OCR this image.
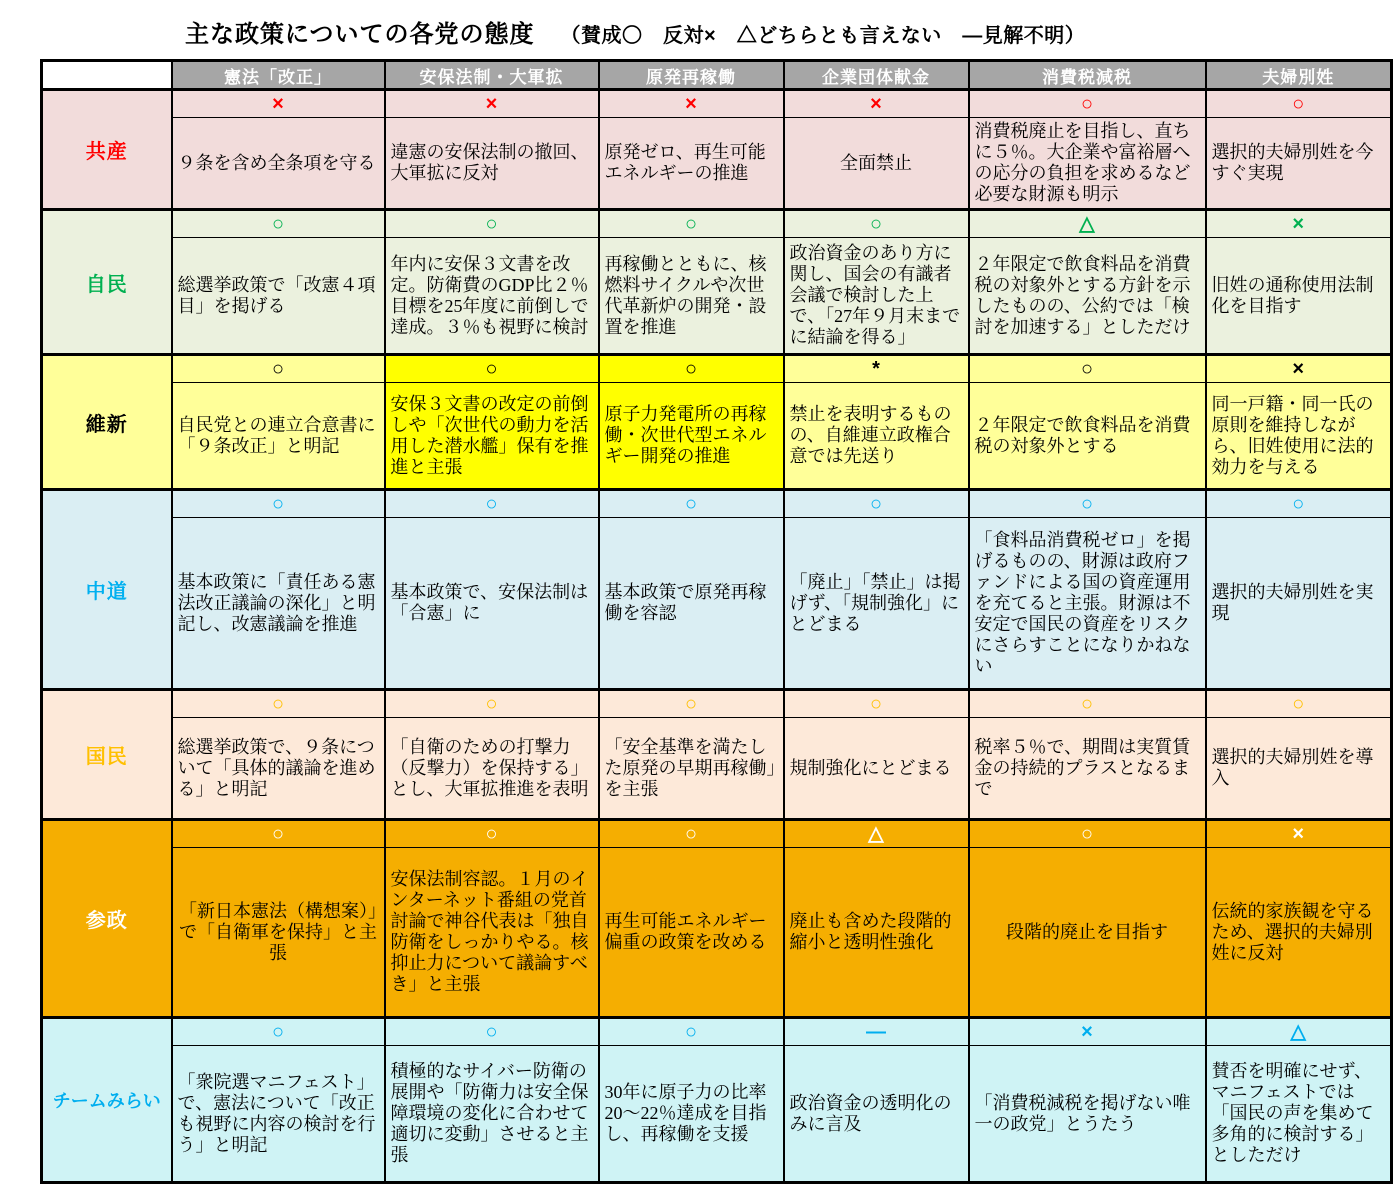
主な政策についての各党の態度 （賛成〇　反対×　△どちらとも言えない　―見解不明）
	憲法「改正」	安保法制・大軍拡	原発再稼働	企業団体献金	消費税減税	夫婦別姓
共産	×	×	×	×	○	○

	９条を含め全条項を守る	違憲の安保法制の撤回、大軍拡に反対	原発ゼロ、再生可能エネルギーの推進	全面禁止	消費税廃止を目指し、直ちに５％。大企業や富裕層への応分の負担を求めるなど必要な財源も明示	選択的夫婦別姓を今すぐ実現

自民	○	○	○	○	△	×

	総選挙政策で「改憲４項目」を掲げる	年内に安保３文書を改定。防衛費のGDP比２％目標を25年度に前倒しで達成。３％も視野に検討	再稼働とともに、核燃料サイクルや次世代革新炉の開発・設置を推進	政治資金のあり方に関し、国会の有識者会議で検討した上で、「27年９月末までに結論を得る」	２年限定で飲食料品を消費税の対象外とする方針を示したものの、公約では「検討を加速する」としただけ	旧姓の通称使用法制化を目指す

維新	○	○	○	*	○	×

	自民党との連立合意書に「９条改正」と明記	安保３文書の改定の前倒しや「次世代の動力を活用した潜水艦」保有を推進と主張	原子力発電所の再稼働・次世代型エネルギー開発の推進	禁止を表明するものの、自維連立政権合意では先送り	２年限定で飲食料品を消費税の対象外とする	同一戸籍・同一氏の原則を維持しながら、旧姓使用に法的効力を与える

中道	○	○	○	○	○	○

	基本政策に「責任ある憲法改正議論の深化」と明記し、改憲議論を推進	基本政策で、安保法制は「合憲」に	基本政策で原発再稼働を容認	「廃止」「禁止」は掲げず、「規制強化」にとどまる	「食料品消費税ゼロ」を掲げるものの、財源は政府ファンドによる国の資産運用を充てると主張。財源は不安定で国民の資産をリスクにさらすことになりかねない	選択的夫婦別姓を実現

国民	○	○	○	○	○	○

	総選挙政策で、９条について「具体的議論を進める」と明記	「自衛のための打撃力（反撃力）を保持する」とし、大軍拡推進を表明	「安全基準を満たした原発の早期再稼働」を主張	規制強化にとどまる	税率５％で、期間は実質賃金の持続的プラスとなるまで	選択的夫婦別姓を導入

参政	○	○	○	△	○	×

	「新日本憲法（構想案）」で「自衛軍を保持」と主張	安保法制容認。１月のインターネット番組の党首討論で神谷代表は「独自防衛をしっかりやる。核抑止力について議論すべき」と主張	再生可能エネルギー偏重の政策を改める	廃止も含めた段階的縮小と透明性強化	段階的廃止を目指す	伝統的家族観を守るため、選択的夫婦別姓に反対

チームみらい	○	○	○	―	×	△

	「衆院選マニフェスト」で、憲法について「改正も視野に内容の検討を行う」と明記	積極的なサイバー防衛の展開や「防衛力は安全保障環境の変化に合わせて適切に変動」させると主張	30年に原子力の比率20～22％達成を目指し、再稼働を支援	政治資金の透明化のみに言及	「消費税減税を掲げない唯一の政党」とうたう	賛否を明確にせず、マニフェストでは「国民の声を集めて多角的に検討する」としただけ
